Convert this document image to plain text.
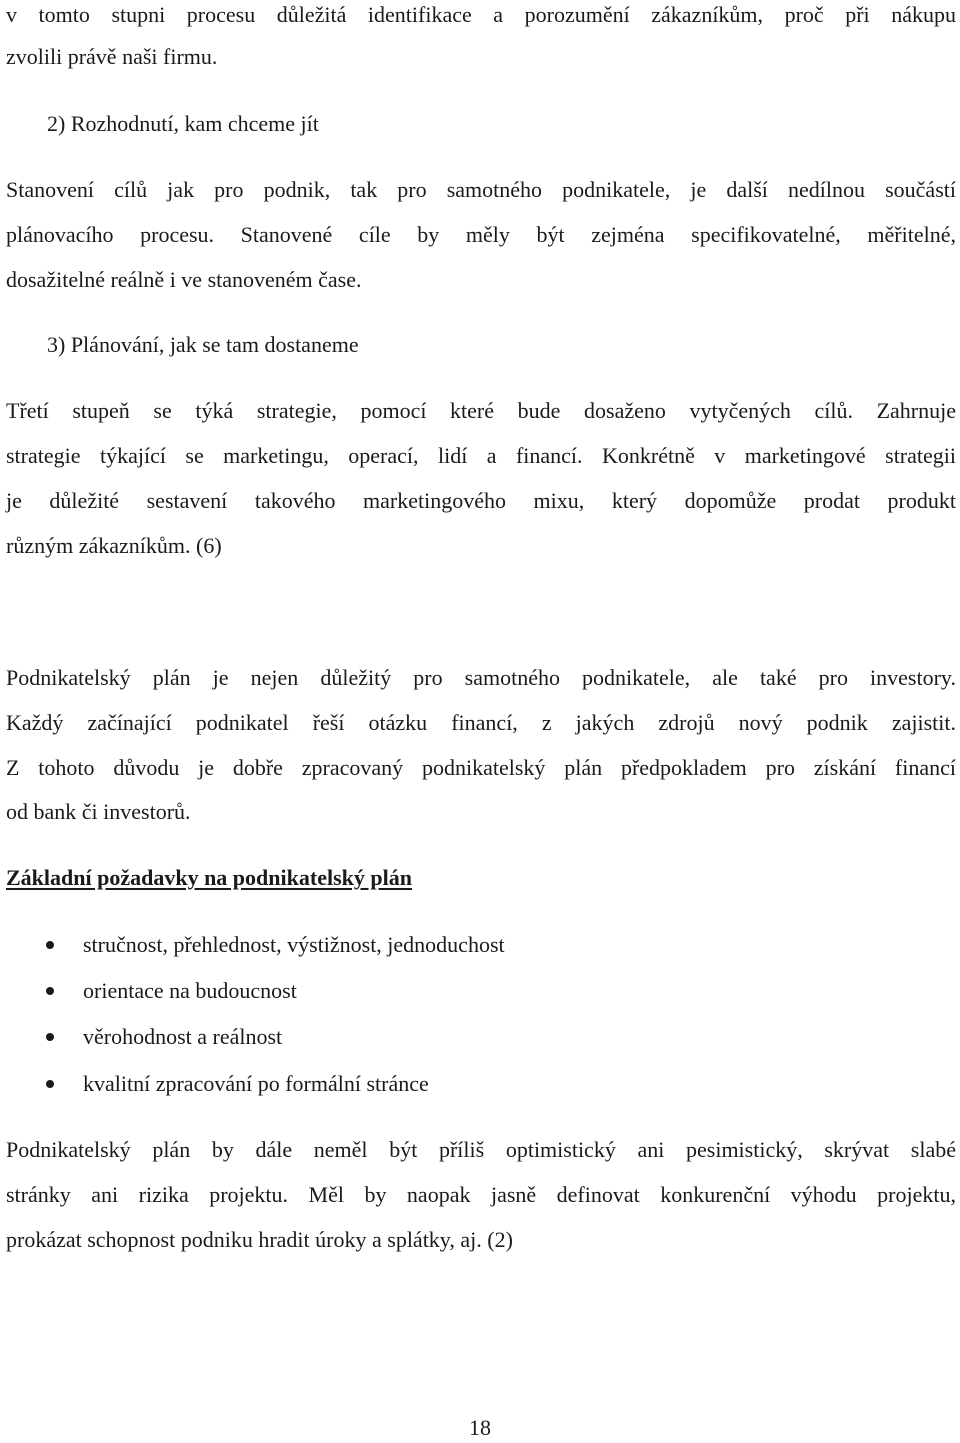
v tomto stupni procesu důležitá identifikace a porozumění zákazníkům, proč při nákupu
zvolili právě naši firmu.
2) Rozhodnutí, kam chceme jít
Stanovení cílů jak pro podnik, tak pro samotného podnikatele, je další nedílnou součástí
plánovacího procesu. Stanovené cíle by měly být zejména specifikovatelné, měřitelné,
dosažitelné reálně i ve stanoveném čase.
3) Plánování, jak se tam dostaneme
Třetí stupeň se týká strategie, pomocí které bude dosaženo vytyčených cílů. Zahrnuje
strategie týkající se marketingu, operací, lidí a financí. Konkrétně v marketingové strategii
je důležité sestavení takového marketingového mixu, který dopomůže prodat produkt
různým zákazníkům. (6)
Podnikatelský plán je nejen důležitý pro samotného podnikatele, ale také pro investory.
Každý začínající podnikatel řeší otázku financí, z jakých zdrojů nový podnik zajistit.
Z tohoto důvodu je dobře zpracovaný podnikatelský plán předpokladem pro získání financí
od bank či investorů.
Základní požadavky na podnikatelský plán
stručnost, přehlednost, výstižnost, jednoduchost
orientace na budoucnost
věrohodnost a reálnost
kvalitní zpracování po formální stránce
Podnikatelský plán by dále neměl být příliš optimistický ani pesimistický, skrývat slabé
stránky ani rizika projektu. Měl by naopak jasně definovat konkurenční výhodu projektu,
prokázat schopnost podniku hradit úroky a splátky, aj. (2)
18
